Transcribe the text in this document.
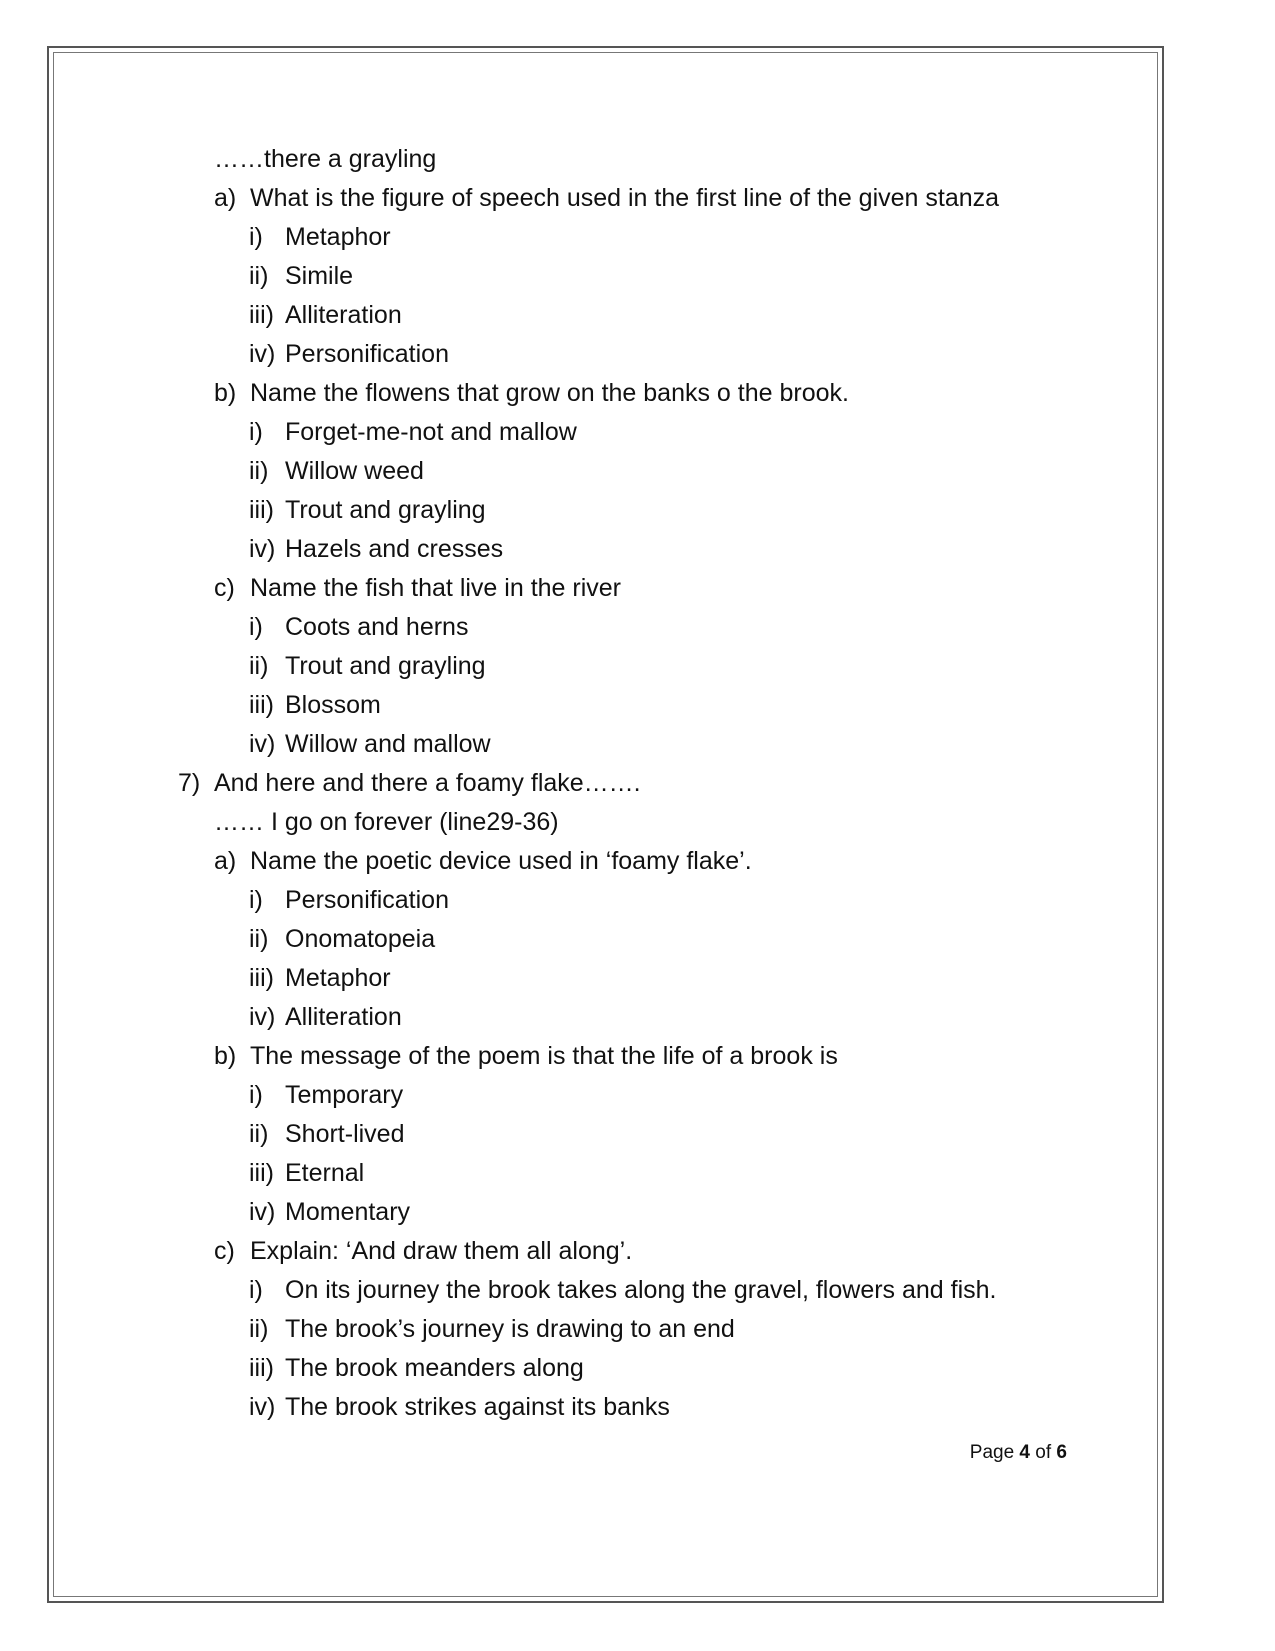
……there a grayling
a) What is the figure of speech used in the first line of the given stanza
i) Metaphor
ii) Simile
iii) Alliteration
iv) Personification
b) Name the flowens that grow on the banks o the brook.
i) Forget-me-not and mallow
ii) Willow weed
iii) Trout and grayling
iv) Hazels and cresses
c) Name the fish that live in the river
i) Coots and herns
ii) Trout and grayling
iii) Blossom
iv) Willow and mallow
7) And here and there a foamy flake…….
…… I go on forever (line29-36)
a) Name the poetic device used in ‘foamy flake’.
i) Personification
ii) Onomatopeia
iii) Metaphor
iv) Alliteration
b) The message of the poem is that the life of a brook is
i) Temporary
ii) Short-lived
iii) Eternal
iv) Momentary
c) Explain: ‘And draw them all along’.
i) On its journey the brook takes along the gravel, flowers and fish.
ii) The brook’s journey is drawing to an end
iii) The brook meanders along
iv) The brook strikes against its banks
Page 4 of 6
